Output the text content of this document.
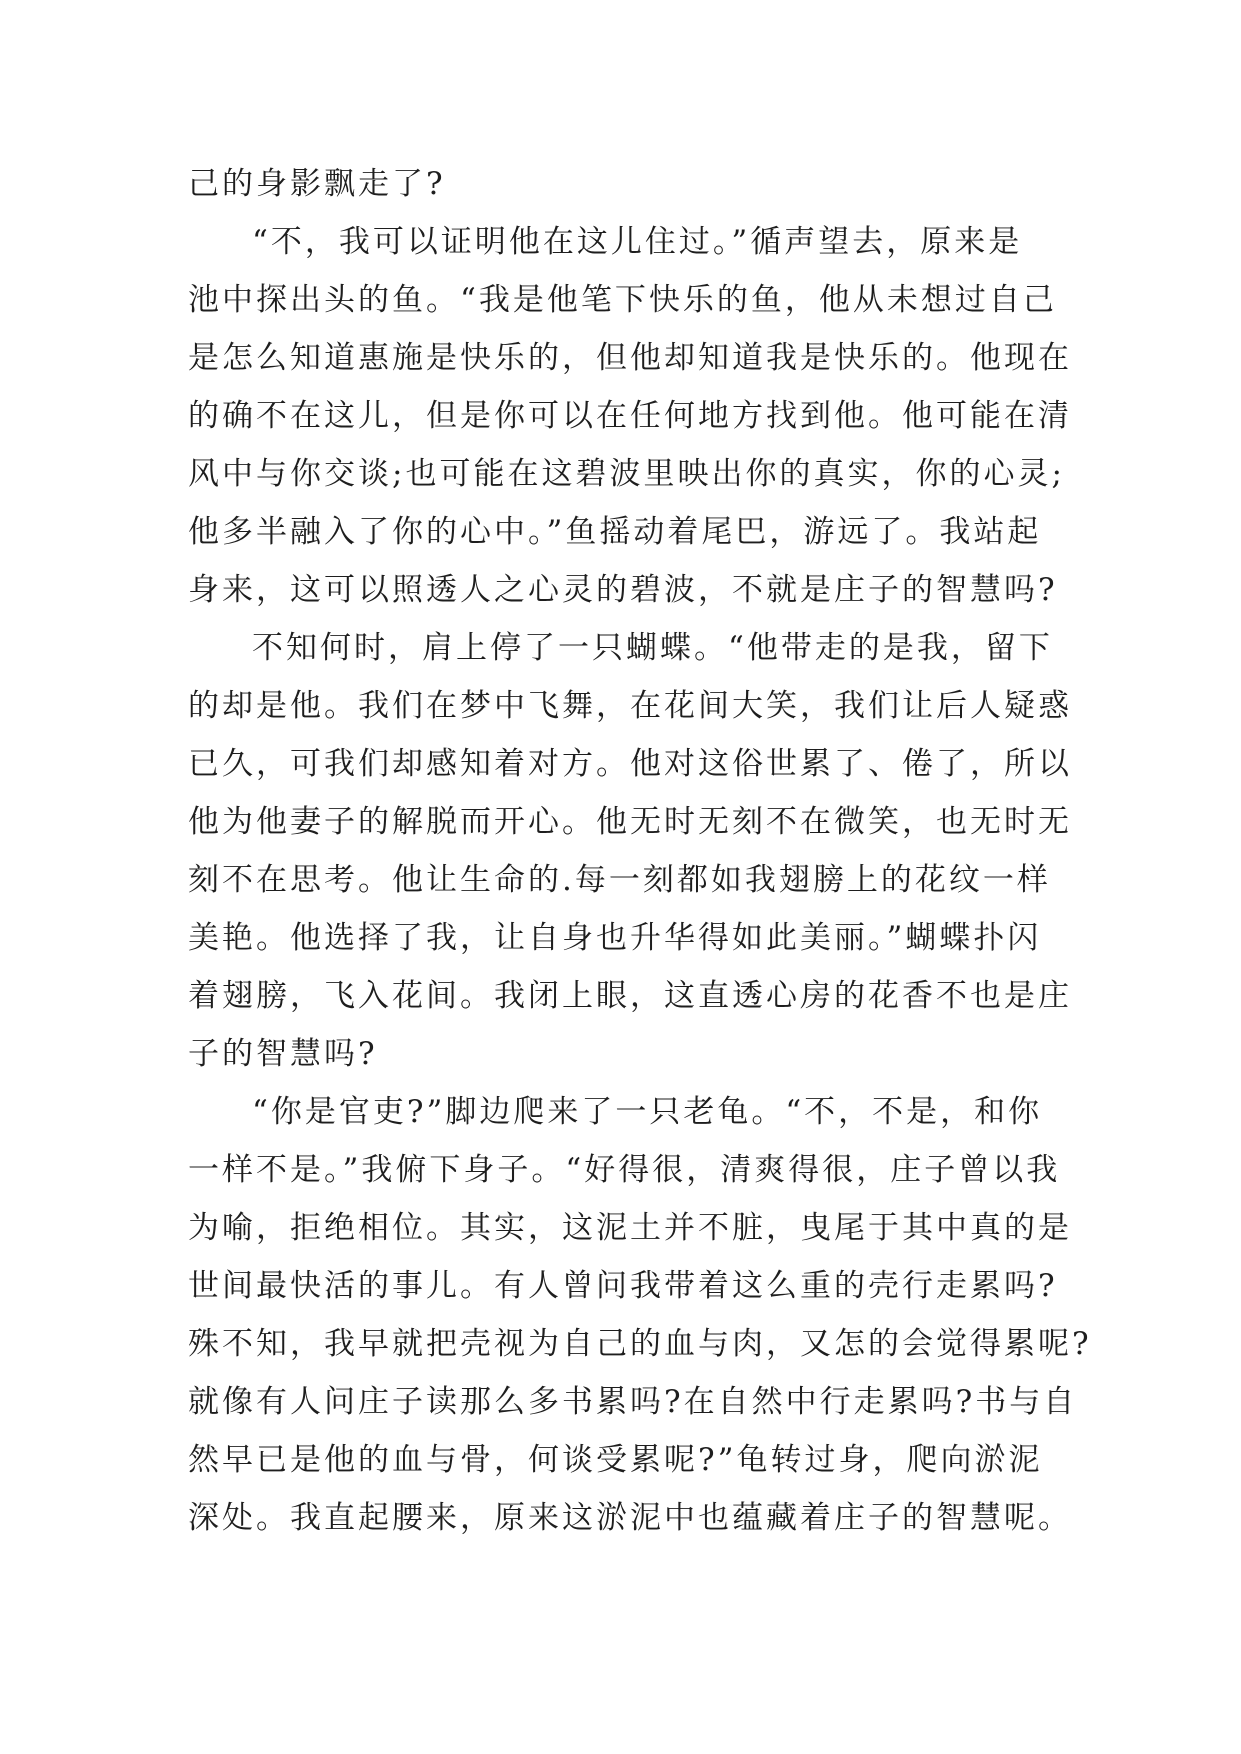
己的身影飘走了?
“不，我可以证明他在这儿住过。”循声望去，原来是
池中探出头的鱼。“我是他笔下快乐的鱼，他从未想过自己
是怎么知道惠施是快乐的，但他却知道我是快乐的。他现在
的确不在这儿，但是你可以在任何地方找到他。他可能在清
风中与你交谈;也可能在这碧波里映出你的真实，你的心灵;
他多半融入了你的心中。”鱼摇动着尾巴，游远了。我站起
身来，这可以照透人之心灵的碧波，不就是庄子的智慧吗?
不知何时，肩上停了一只蝴蝶。“他带走的是我，留下
的却是他。我们在梦中飞舞，在花间大笑，我们让后人疑惑
已久，可我们却感知着对方。他对这俗世累了、倦了，所以
他为他妻子的解脱而开心。他无时无刻不在微笑，也无时无
刻不在思考。他让生命的.每一刻都如我翅膀上的花纹一样
美艳。他选择了我，让自身也升华得如此美丽。”蝴蝶扑闪
着翅膀，飞入花间。我闭上眼，这直透心房的花香不也是庄
子的智慧吗?
“你是官吏?”脚边爬来了一只老龟。“不，不是，和你
一样不是。”我俯下身子。“好得很，清爽得很，庄子曾以我
为喻，拒绝相位。其实，这泥土并不脏，曳尾于其中真的是
世间最快活的事儿。有人曾问我带着这么重的壳行走累吗?
殊不知，我早就把壳视为自己的血与肉，又怎的会觉得累呢?
就像有人问庄子读那么多书累吗?在自然中行走累吗?书与自
然早已是他的血与骨，何谈受累呢?”龟转过身，爬向淤泥
深处。我直起腰来，原来这淤泥中也蕴藏着庄子的智慧呢。
